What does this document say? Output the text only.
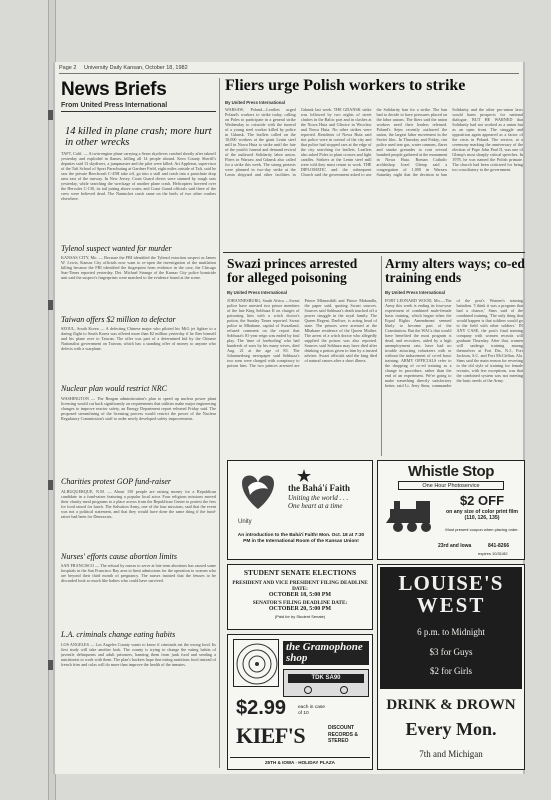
Page 2 University Daily Kansan, October 18, 1982
News Briefs
From United Press International
14 killed in plane crash; more hurt in other wrecks
TAFT, Calif. — A twin-engine plane carrying a Sears skydivers crashed shortly after takeoff yesterday and exploded in flames, killing all 14 people aboard. Kern County Sheriff's deputies said 13 skydivers, a jumpmaster and the pilot were killed. Art Appleton, supervisor of the Taft School of Sport Parachuting at Gardner Field, eight miles outside of Taft, said he saw the private Beechcraft C-45H take off, go into a stall and crash into a parachute drop area east of the runway. In New Jersey, Coast Guard divers were stunned by rough seas yesterday, while searching the wreckage of another plane crash. Helicopters hovered over the Hercules C-130, its tail jutting above water, and Coast Guard officials said three of the crew were believed dead. The Nantucket crash came on the heels of two other crashes elsewhere.
Tylenol suspect wanted for murder
KANSAS CITY, Mo. — Because the FBI identified the Tylenol extortion suspect as James W. Lewis, Kansas City officials now want to re-open the investigation of the mutilation killing because the FBI identified the fingerprint from evidence in the case, the Chicago Sun-Times reported yesterday. Det. Michael Strange of the Kansas City police homicide unit said the suspect's fingerprints were matched to the evidence found at the scene.
Taiwan offers $2 million to defector
SEOUL, South Korea — A defecting Chinese major who piloted his MiG jet fighter to a daring flight to South Korea was offered more than $2 million yesterday if he flies himself and his plane over to Taiwan. The offer was part of a determined bid by the Chinese Nationalist government on Taiwan, which has a standing offer of money to anyone who defects with a warplane.
Nuclear plan would restrict NRC
WASHINGTON — The Reagan administration's plan to speed up nuclear power plant licensing would cut back significantly on requirements that utilities make major engineering changes to improve reactor safety, an Energy Department report released Friday said. The proposed streamlining of the licensing process would restrict the power of the Nuclear Regulatory Commission's staff to order newly developed safety improvements.
Charities protest GOP fund-raiser
ALBUQUERQUE, N.M. — About 150 people are raising money for a Republican candidate in a fund-raiser featuring a popular local actor. Four religious missions moved their charity meal programs to a place across from the Republican Center to protest the fees for food raised for lunch. The Salvation Army, one of the four missions, said that the event was not a political statement, and that they would have done the same thing if the fund-raiser had been for Democrats.
Nurses' efforts cause abortion limits
SAN FRANCISCO — The refusal by nurses to serve at late term abortions has caused some hospitals in the San Francisco Bay area to limit admissions for the operation to women who are beyond their third month of pregnancy. The nurses insisted that the fetuses to be discarded look so much like babies who could have survived.
L.A. criminals change eating habits
LOS ANGELES — Los Angeles County wants to know if criminals eat the wrong food. Its first study will take another look. The county is trying to change the eating habits of juvenile delinquents and adult prisoners, banning them from junk food and sending a nutritionist to work with them. The plan's backers hope that eating nutritious food instead of french fries and colas will do more than improve the health of the inmates.
Fliers urge Polish workers to strike
By United Press International
WARSAW, Poland—Leaflets urged Poland's workers to strike today, calling on Poles to participate in a general strike Wednesday to coincide with the funeral of a young steel worker killed by police in Gdansk. The leaflets called on the 10,000 workers at the giant Lenin steel mill in Nowa Huta to strike until the fate of the youth's funeral and demand revival of the outlawed Solidarity labor union. Fliers in Warsaw and Gdansk also called for a strike this week. The strong protests were planned in two-day strike at the Lenin shipyard and other facilities in Gdansk last week. THE GDANSK strike was followed by two nights of street clashes in the Baltic port and in clashes at the Nowa Huta and Gliwice in Wroclaw and Nowa Huta. No other strikes were reported. Residents of Nowa Huta said riot police were in control of the city and that police had stopped cars at the edge of the city searching for leaflets. Leaflets also asked Poles to plant crosses and light candles. Strikers at the Lenin steel mill were told they must return to work. THE DIPLOMATIC and the subsequent Church said the government asked to use the Solidarity ban for a strike. The ban had to decide to have pressures placed on the labor unions. The fliers said the union workers need their leaders released. Poland's Sejm recently outlawed the union, the largest labor movement in the Soviet bloc. In Thursday and Friday, riot police used tear gas, water cannons, flares and smoke grenades to rout several hundred people gathered at the monument in Nowa Huta. Roman Catholic archbishop Jozef Glemp said a congregation of 1,000 in Warsaw Saturday night that the decision to ban Solidarity and the other pro-union laws would harm prospects for national dialogue. BUT HE WARNED that Solidarity had not worked as a union but as an open front. The struggle and opposition again appeared as a factor of the crisis in Poland. The service, at a ceremony marking the anniversary of the election of Pope John Paul II, was one of Glemp's most sharply critical speeches. In 1978, he was named the Polish primate. The church had been criticized for being too conciliatory to the government.
Swazi princes arrested for alleged poisoning
By United Press International
JOHANNESBURG, South Africa —Swazi police have arrested two prince members of the late King Sobhuza II on charges of poisoning him with a witch doctor's potion, the Sunday Times reported. Swazi police in Mbabane, capital of Swaziland, refused comment on the report that Sobhuza's 81-year reign was ended by foul play. The 'time of foreboding' who had hundreds of sons by his many wives, died Aug. 21 at the age of 83. The Johannesburg newspaper said Sobhuza's two sons were charged with conspiracy to poison him. The two princes arrested are Prince Mfanasibili and Prince Mabandla, the paper said, quoting Swazi sources. Sources said Sobhuza's death touched off a power struggle in the royal family. The Queen Regent, Dzeliwe, is acting head of state. The princes were arrested at the Mbabane residence of the Queen Mother. The arrest of a witch doctor who allegedly supplied the poison was also reported. Sources said Sobhuza may have died after drinking a potion given to him by a trusted adviser. Swazi officials said the king died of natural causes after a short illness.
Army alters ways; co-ed training ends
By United Press International
FORT LEONARD WOOD, Mo.—The Army this week is ending its four-year experiment of combined male-female basic training, which began when the Equal Rights Amendment seemed likely to become part of the Constitution. But the WACs that would have benefited the most program is dead, and recruiters, aided by a high unemployment rate, have had no trouble attracting volunteers with or without the inducement of co-ed basic training. ARMY OFFICIALS refer to the dropping of co-ed training as a change in procedure, rather than the end of an experiment. We're going to make something directly satisfactory better, said Lt. Jerry Sims, commander of the post's Women's training battalion. 'I think it was a program that had a chance,' Sims said of the combined training. 'The only thing that would happen is that soldiers would go to the field with other soldiers.' IN ANY CASE, the post's final training company with women recruits will graduate Thursday. After that, women will undergo training among themselves at Fort Dix, N.J., Fort Jackson, S.C. and Fort McClellan, Ala. Sims said the main reason for reverting to the old style of training for female recruits, with few exceptions, was that the combined system was not meeting the basic needs of the Army.
Unity
the Bahá'í Faith
Uniting the world . . .
One heart at a time
An introduction to the Bahá'í Faith! Mon. Oct. 18 at 7:30 PM in the International Room of the Kansas Union!
STUDENT SENATE ELECTIONS
PRESIDENT AND VICE PRESIDENT FILING DEADLINE DATE:
OCTOBER 18, 5:00 PM
SENATOR'S FILING DEADLINE DATE:
OCTOBER 20, 5:00 PM
(Paid for by Student Senate)
the Gramophone shop
TDK SA90
$2.99 each in case of 10
KIEF'S	DISCOUNT RECORDS & STEREO
25TH & IOWA · HOLIDAY PLAZA
Whistle Stop
One Hour Photoservice
$2 OFF
on any size of color print film (110, 126, 135)
Must present coupon when placing order.
23rd and Iowa	841-8266
expires 10/31/82
LOUISE'S
WEST
6 p.m. to Midnight
$3 for Guys
$2 for Girls
DRINK & DROWN
Every Mon.
7th and Michigan
